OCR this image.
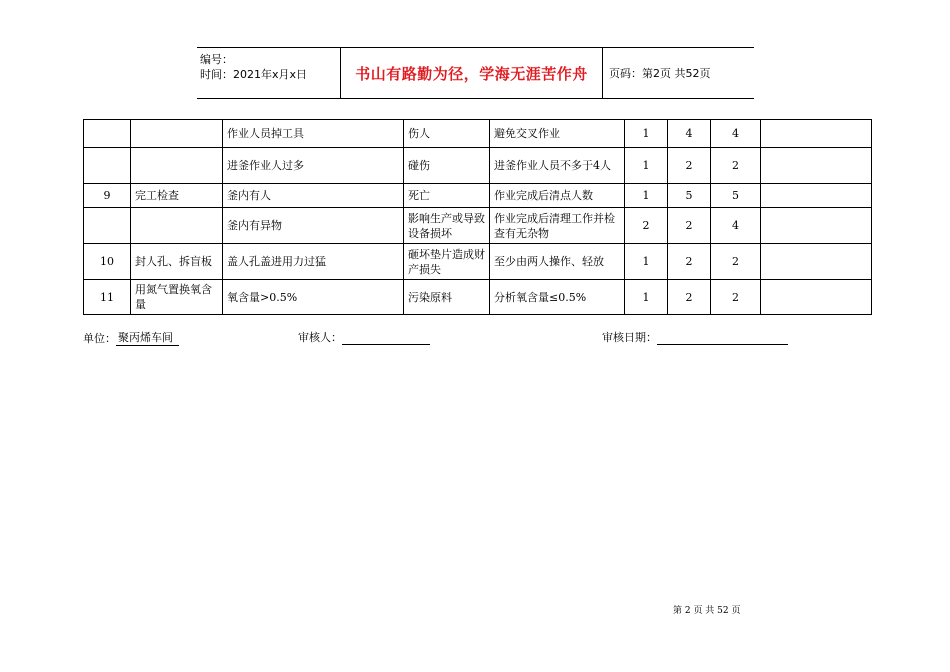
编号：
时间：2021年x月x日	书山有路勤为径，学海无涯苦作舟	页码：第2页 共52页
		作业人员掉工具	伤人	避免交叉作业	1	4	4	
		进釜作业人过多	碰伤	进釜作业人员不多于4人	1	2	2	
9	完工检查	釜内有人	死亡	作业完成后清点人数	1	5	5	
		釜内有异物	影响生产或导致设备损坏	作业完成后清理工作并检查有无杂物	2	2	4	
10	封人孔、拆盲板	盖人孔盖进用力过猛	砸坏垫片造成财产损失	至少由两人操作、轻放	1	2	2	
11	用氮气置换氧含量	氧含量>0.5%	污染原料	分析氧含量≤0.5%	1	2	2	
单位： 聚丙烯车间	审核人：	审核日期：
第 2 页 共 52 页
